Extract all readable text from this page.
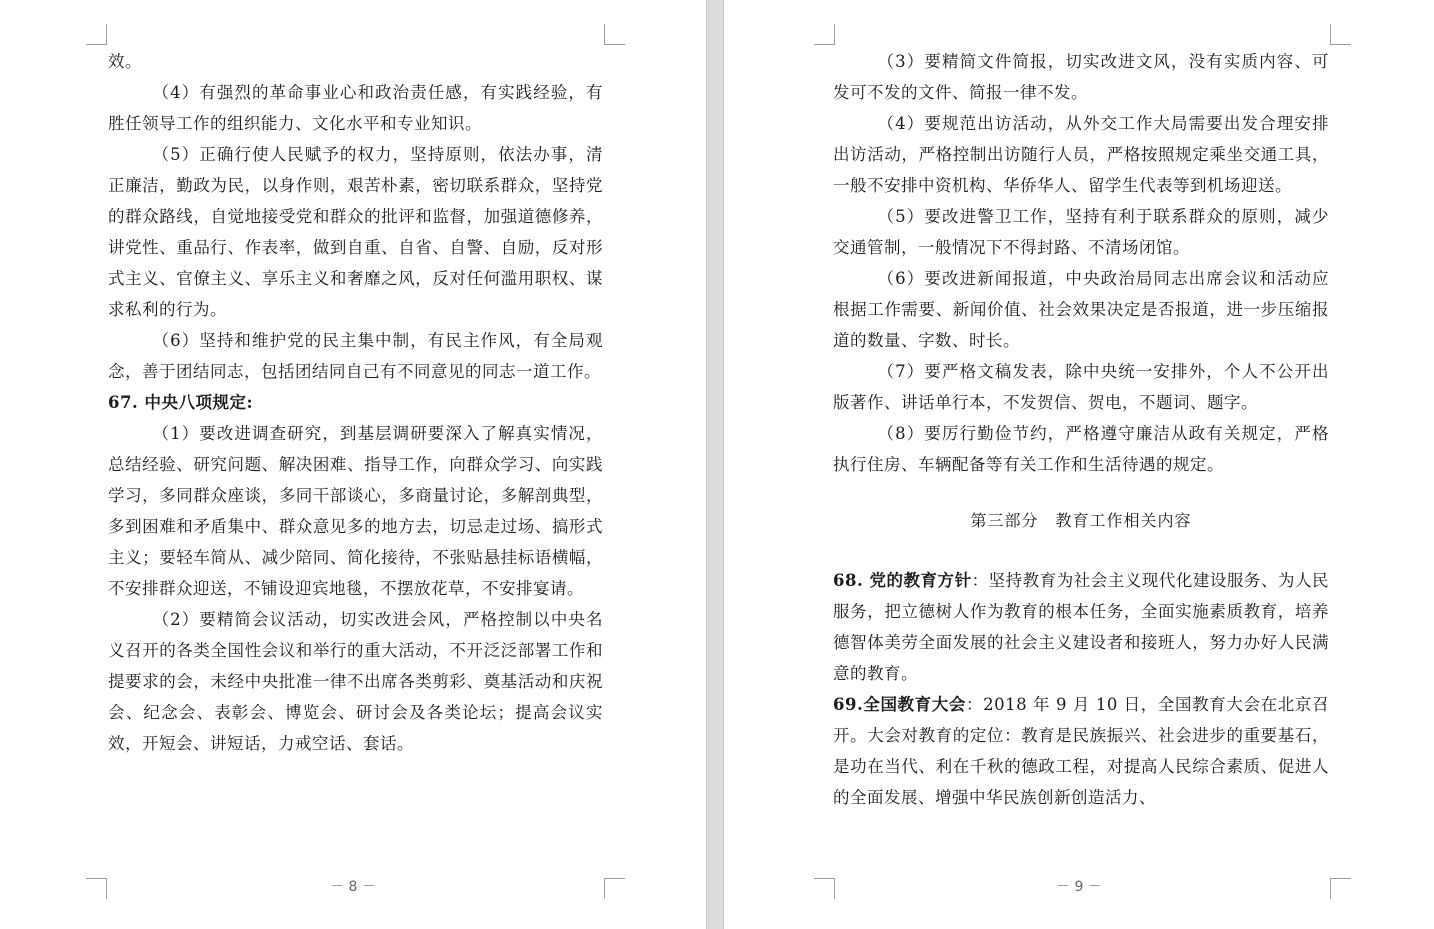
效。

（4）有强烈的革命事业心和政治责任感，有实践经验，有胜任领导工作的组织能力、文化水平和专业知识。

（5）正确行使人民赋予的权力，坚持原则，依法办事，清正廉洁，勤政为民，以身作则，艰苦朴素，密切联系群众，坚持党的群众路线，自觉地接受党和群众的批评和监督，加强道德修养，讲党性、重品行、作表率，做到自重、自省、自警、自励，反对形式主义、官僚主义、享乐主义和奢靡之风，反对任何滥用职权、谋求私利的行为。

（6）坚持和维护党的民主集中制，有民主作风，有全局观念，善于团结同志，包括团结同自己有不同意见的同志一道工作。

67. 中央八项规定:

（1）要改进调查研究，到基层调研要深入了解真实情况，总结经验、研究问题、解决困难、指导工作，向群众学习、向实践学习，多同群众座谈，多同干部谈心，多商量讨论，多解剖典型，多到困难和矛盾集中、群众意见多的地方去，切忌走过场、搞形式主义；要轻车简从、减少陪同、简化接待，不张贴悬挂标语横幅，不安排群众迎送，不铺设迎宾地毯，不摆放花草，不安排宴请。

（2）要精简会议活动，切实改进会风，严格控制以中央名义召开的各类全国性会议和举行的重大活动，不开泛泛部署工作和提要求的会，未经中央批准一律不出席各类剪彩、奠基活动和庆祝会、纪念会、表彰会、博览会、研讨会及各类论坛；提高会议实效，开短会、讲短话，力戒空话、套话。

－ 8 －

（3）要精简文件简报，切实改进文风，没有实质内容、可发可不发的文件、简报一律不发。

（4）要规范出访活动，从外交工作大局需要出发合理安排出访活动，严格控制出访随行人员，严格按照规定乘坐交通工具，一般不安排中资机构、华侨华人、留学生代表等到机场迎送。

（5）要改进警卫工作，坚持有利于联系群众的原则，减少交通管制，一般情况下不得封路、不清场闭馆。

（6）要改进新闻报道，中央政治局同志出席会议和活动应根据工作需要、新闻价值、社会效果决定是否报道，进一步压缩报道的数量、字数、时长。

（7）要严格文稿发表，除中央统一安排外，个人不公开出版著作、讲话单行本，不发贺信、贺电，不题词、题字。

（8）要厉行勤俭节约，严格遵守廉洁从政有关规定，严格执行住房、车辆配备等有关工作和生活待遇的规定。

第三部分　教育工作相关内容

68. 党的教育方针：坚持教育为社会主义现代化建设服务、为人民服务，把立德树人作为教育的根本任务，全面实施素质教育，培养德智体美劳全面发展的社会主义建设者和接班人，努力办好人民满意的教育。

69.全国教育大会：2018 年 9 月 10 日，全国教育大会在北京召开。大会对教育的定位：教育是民族振兴、社会进步的重要基石，是功在当代、利在千秋的德政工程，对提高人民综合素质、促进人的全面发展、增强中华民族创新创造活力、

－ 9 －
